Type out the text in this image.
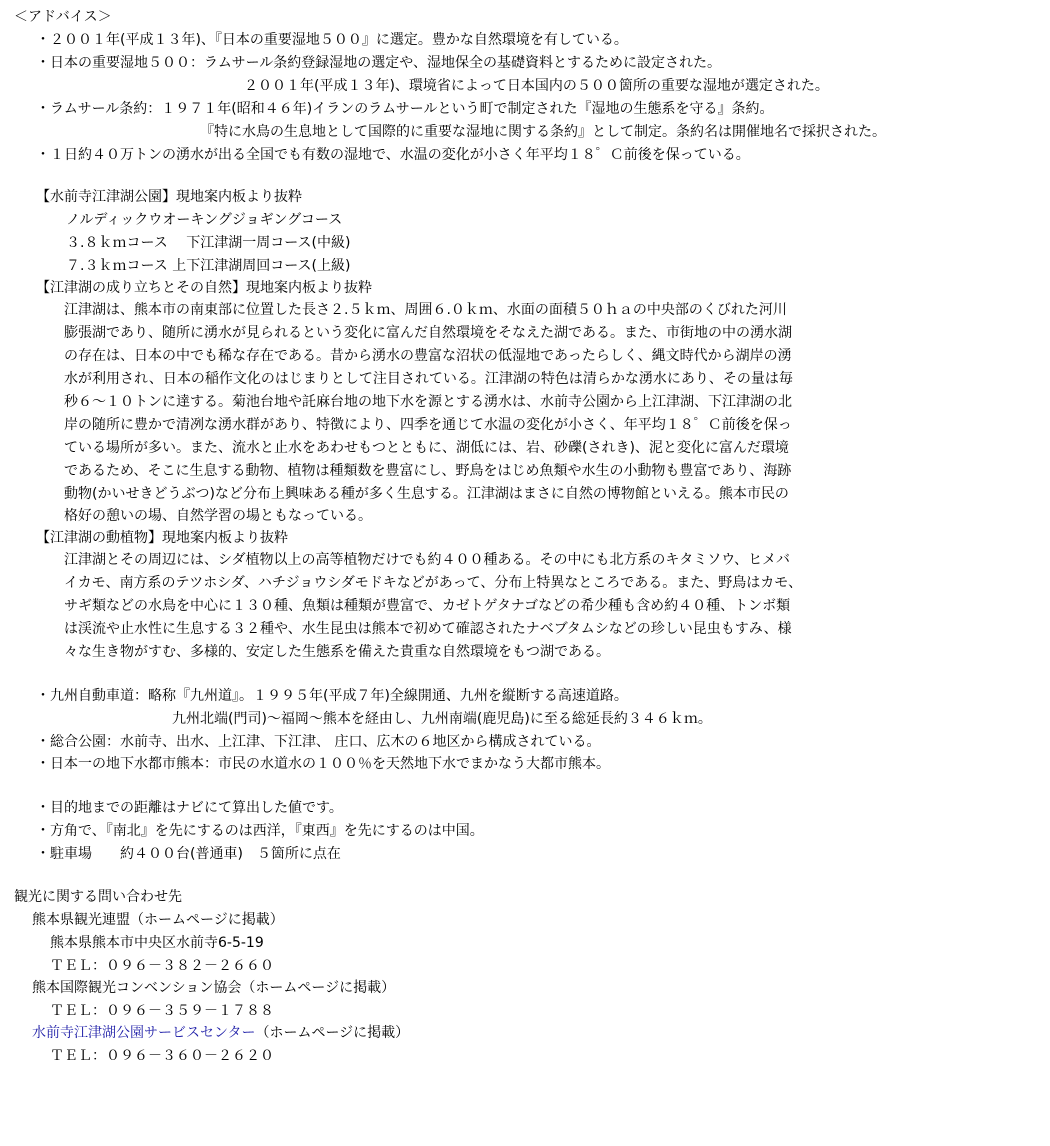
＜アドバイス＞
・２００１年(平成１３年)、『日本の重要湿地５００』に選定。豊かな自然環境を有している。
・日本の重要湿地５００：ラムサール条約登録湿地の選定や、湿地保全の基礎資料とするために設定された。
２００１年(平成１３年)、環境省によって日本国内の５００箇所の重要な湿地が選定された。
・ラムサール条約：１９７１年(昭和４６年)イランのラムサールという町で制定された『湿地の生態系を守る』条約。
『特に水鳥の生息地として国際的に重要な湿地に関する条約』として制定。条約名は開催地名で採択された。
・１日約４０万トンの湧水が出る全国でも有数の湿地で、水温の変化が小さく年平均１８゜Ｃ前後を保っている。
【水前寺江津湖公園】現地案内板より抜粋
ノルディックウオーキングジョギングコース
３.８ｋｍコース　 下江津湖一周コース(中級)
７.３ｋｍコース 上下江津湖周回コース(上級)
【江津湖の成り立ちとその自然】現地案内板より抜粋
江津湖は、熊本市の南東部に位置した長さ２.５ｋｍ、周囲６.０ｋｍ、水面の面積５０ｈａの中央部のくびれた河川
膨張湖であり、随所に湧水が見られるという変化に富んだ自然環境をそなえた湖である。また、市街地の中の湧水湖
の存在は、日本の中でも稀な存在である。昔から湧水の豊富な沼状の低湿地であったらしく、縄文時代から湖岸の湧
水が利用され、日本の稲作文化のはじまりとして注目されている。江津湖の特色は清らかな湧水にあり、その量は毎
秒６～１０トンに達する。菊池台地や託麻台地の地下水を源とする湧水は、水前寺公園から上江津湖、下江津湖の北
岸の随所に豊かで清冽な湧水群があり、特徴により、四季を通じて水温の変化が小さく、年平均１８゜Ｃ前後を保っ
ている場所が多い。また、流水と止水をあわせもつとともに、湖低には、岩、砂礫(されき)、泥と変化に富んだ環境
であるため、そこに生息する動物、植物は種類数を豊富にし、野鳥をはじめ魚類や水生の小動物も豊富であり、海跡
動物(かいせきどうぶつ)など分布上興味ある種が多く生息する。江津湖はまさに自然の博物館といえる。熊本市民の
格好の憩いの場、自然学習の場ともなっている。
【江津湖の動植物】現地案内板より抜粋
江津湖とその周辺には、シダ植物以上の高等植物だけでも約４００種ある。その中にも北方系のキタミソウ、ヒメバ
イカモ、南方系のテツホシダ、ハチジョウシダモドキなどがあって、分布上特異なところである。また、野鳥はカモ、
サギ類などの水鳥を中心に１３０種、魚類は種類が豊富で、カゼトゲタナゴなどの希少種も含め約４０種、トンボ類
は渓流や止水性に生息する３２種や、水生昆虫は熊本で初めて確認されたナベブタムシなどの珍しい昆虫もすみ、様
々な生き物がすむ、多様的、安定した生態系を備えた貴重な自然環境をもつ湖である。
・九州自動車道：略称『九州道』。１９９５年(平成７年)全線開通、九州を縦断する高速道路。
九州北端(門司)～福岡～熊本を経由し、九州南端(鹿児島)に至る総延長約３４６ｋｍ。
・総合公園：水前寺、出水、上江津、下江津、 庄口、広木の６地区から構成されている。
・日本一の地下水都市熊本：市民の水道水の１００％を天然地下水でまかなう大都市熊本。
・目的地までの距離はナビにて算出した値です。
・方角で、『南北』を先にするのは西洋，『東西』を先にするのは中国。
・駐車場　　約４００台(普通車)　５箇所に点在
観光に関する問い合わせ先
熊本県観光連盟（ホームページに掲載）
熊本県熊本市中央区水前寺6-5-19
ＴＥＬ：０９６－３８２－２６６０
熊本国際観光コンベンション協会（ホームページに掲載）
ＴＥＬ：０９６－３５９－１７８８
水前寺江津湖公園サービスセンター（ホームページに掲載）
ＴＥＬ：０９６－３６０－２６２０
